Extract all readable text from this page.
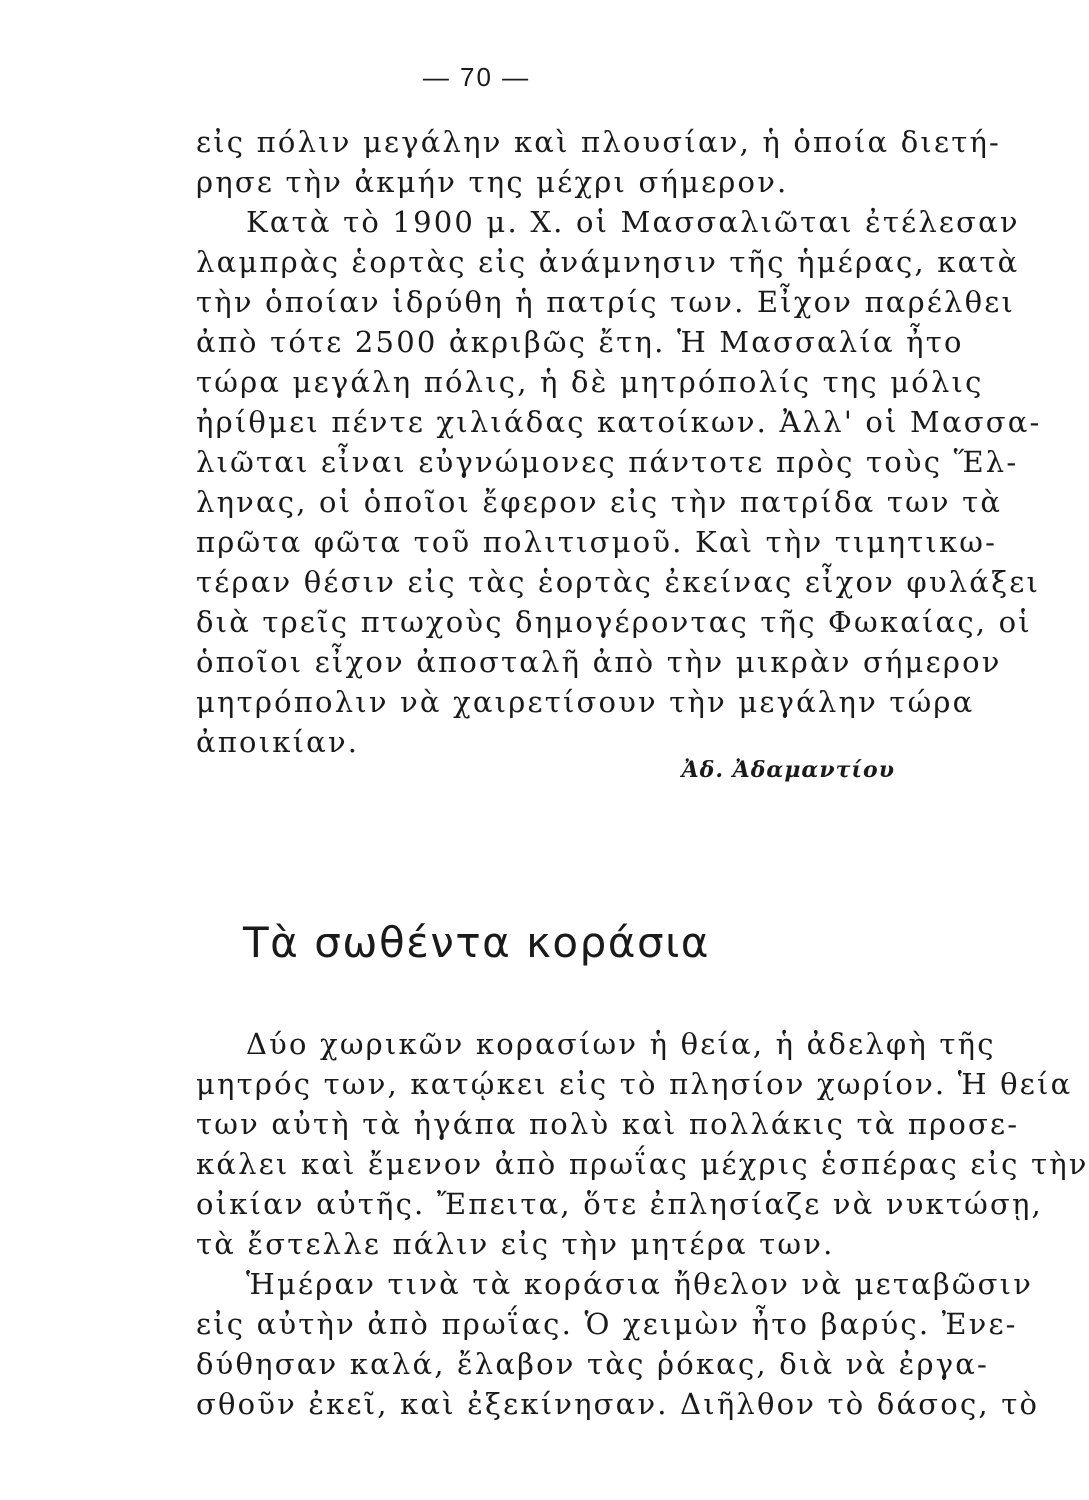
— 70 —
εἰς πόλιν μεγάλην καὶ πλουσίαν, ἡ ὁποία διετή-
ρησε τὴν ἀκμήν της μέχρι σήμερον.
Κατὰ τὸ 1900 μ. Χ. οἱ Μασσαλιῶται ἐτέλεσαν
λαμπρὰς ἑορτὰς εἰς ἀνάμνησιν τῆς ἡμέρας, κατὰ
τὴν ὁποίαν ἱδρύθη ἡ πατρίς των. Εἶχον παρέλθει
ἀπὸ τότε 2500 ἀκριβῶς ἔτη. Ἡ Μασσαλία ἦτο
τώρα μεγάλη πόλις, ἡ δὲ μητρόπολίς της μόλις
ἠρίθμει πέντε χιλιάδας κατοίκων. Ἀλλ' οἱ Μασσα-
λιῶται εἶναι εὐγνώμονες πάντοτε πρὸς τοὺς Ἕλ-
ληνας, οἱ ὁποῖοι ἔφερον εἰς τὴν πατρίδα των τὰ
πρῶτα φῶτα τοῦ πολιτισμοῦ. Καὶ τὴν τιμητικω-
τέραν θέσιν εἰς τὰς ἑορτὰς ἐκείνας εἶχον φυλάξει
διὰ τρεῖς πτωχοὺς δημογέροντας τῆς Φωκαίας, οἱ
ὁποῖοι εἶχον ἀποσταλῆ ἀπὸ τὴν μικρὰν σήμερον
μητρόπολιν νὰ χαιρετίσουν τὴν μεγάλην τώρα
ἀποικίαν.
Ἀδ. Ἀδαμαντίου
Τὰ σωθέντα κοράσια
Δύο χωρικῶν κορασίων ἡ θεία, ἡ ἀδελφὴ τῆς
μητρός των, κατῴκει εἰς τὸ πλησίον χωρίον. Ἡ θεία
των αὐτὴ τὰ ἠγάπα πολὺ καὶ πολλάκις τὰ προσε-
κάλει καὶ ἔμενον ἀπὸ πρωΐας μέχρις ἑσπέρας εἰς τὴν
οἰκίαν αὐτῆς. Ἔπειτα, ὅτε ἐπλησίαζε νὰ νυκτώσῃ,
τὰ ἔστελλε πάλιν εἰς τὴν μητέρα των.
Ἡμέραν τινὰ τὰ κοράσια ἤθελον νὰ μεταβῶσιν
εἰς αὐτὴν ἀπὸ πρωΐας. Ὁ χειμὼν ἦτο βαρύς. Ἐνε-
δύθησαν καλά, ἔλαβον τὰς ῥόκας, διὰ νὰ ἐργα-
σθοῦν ἐκεῖ, καὶ ἐξεκίνησαν. Διῆλθον τὸ δάσος, τὸ
